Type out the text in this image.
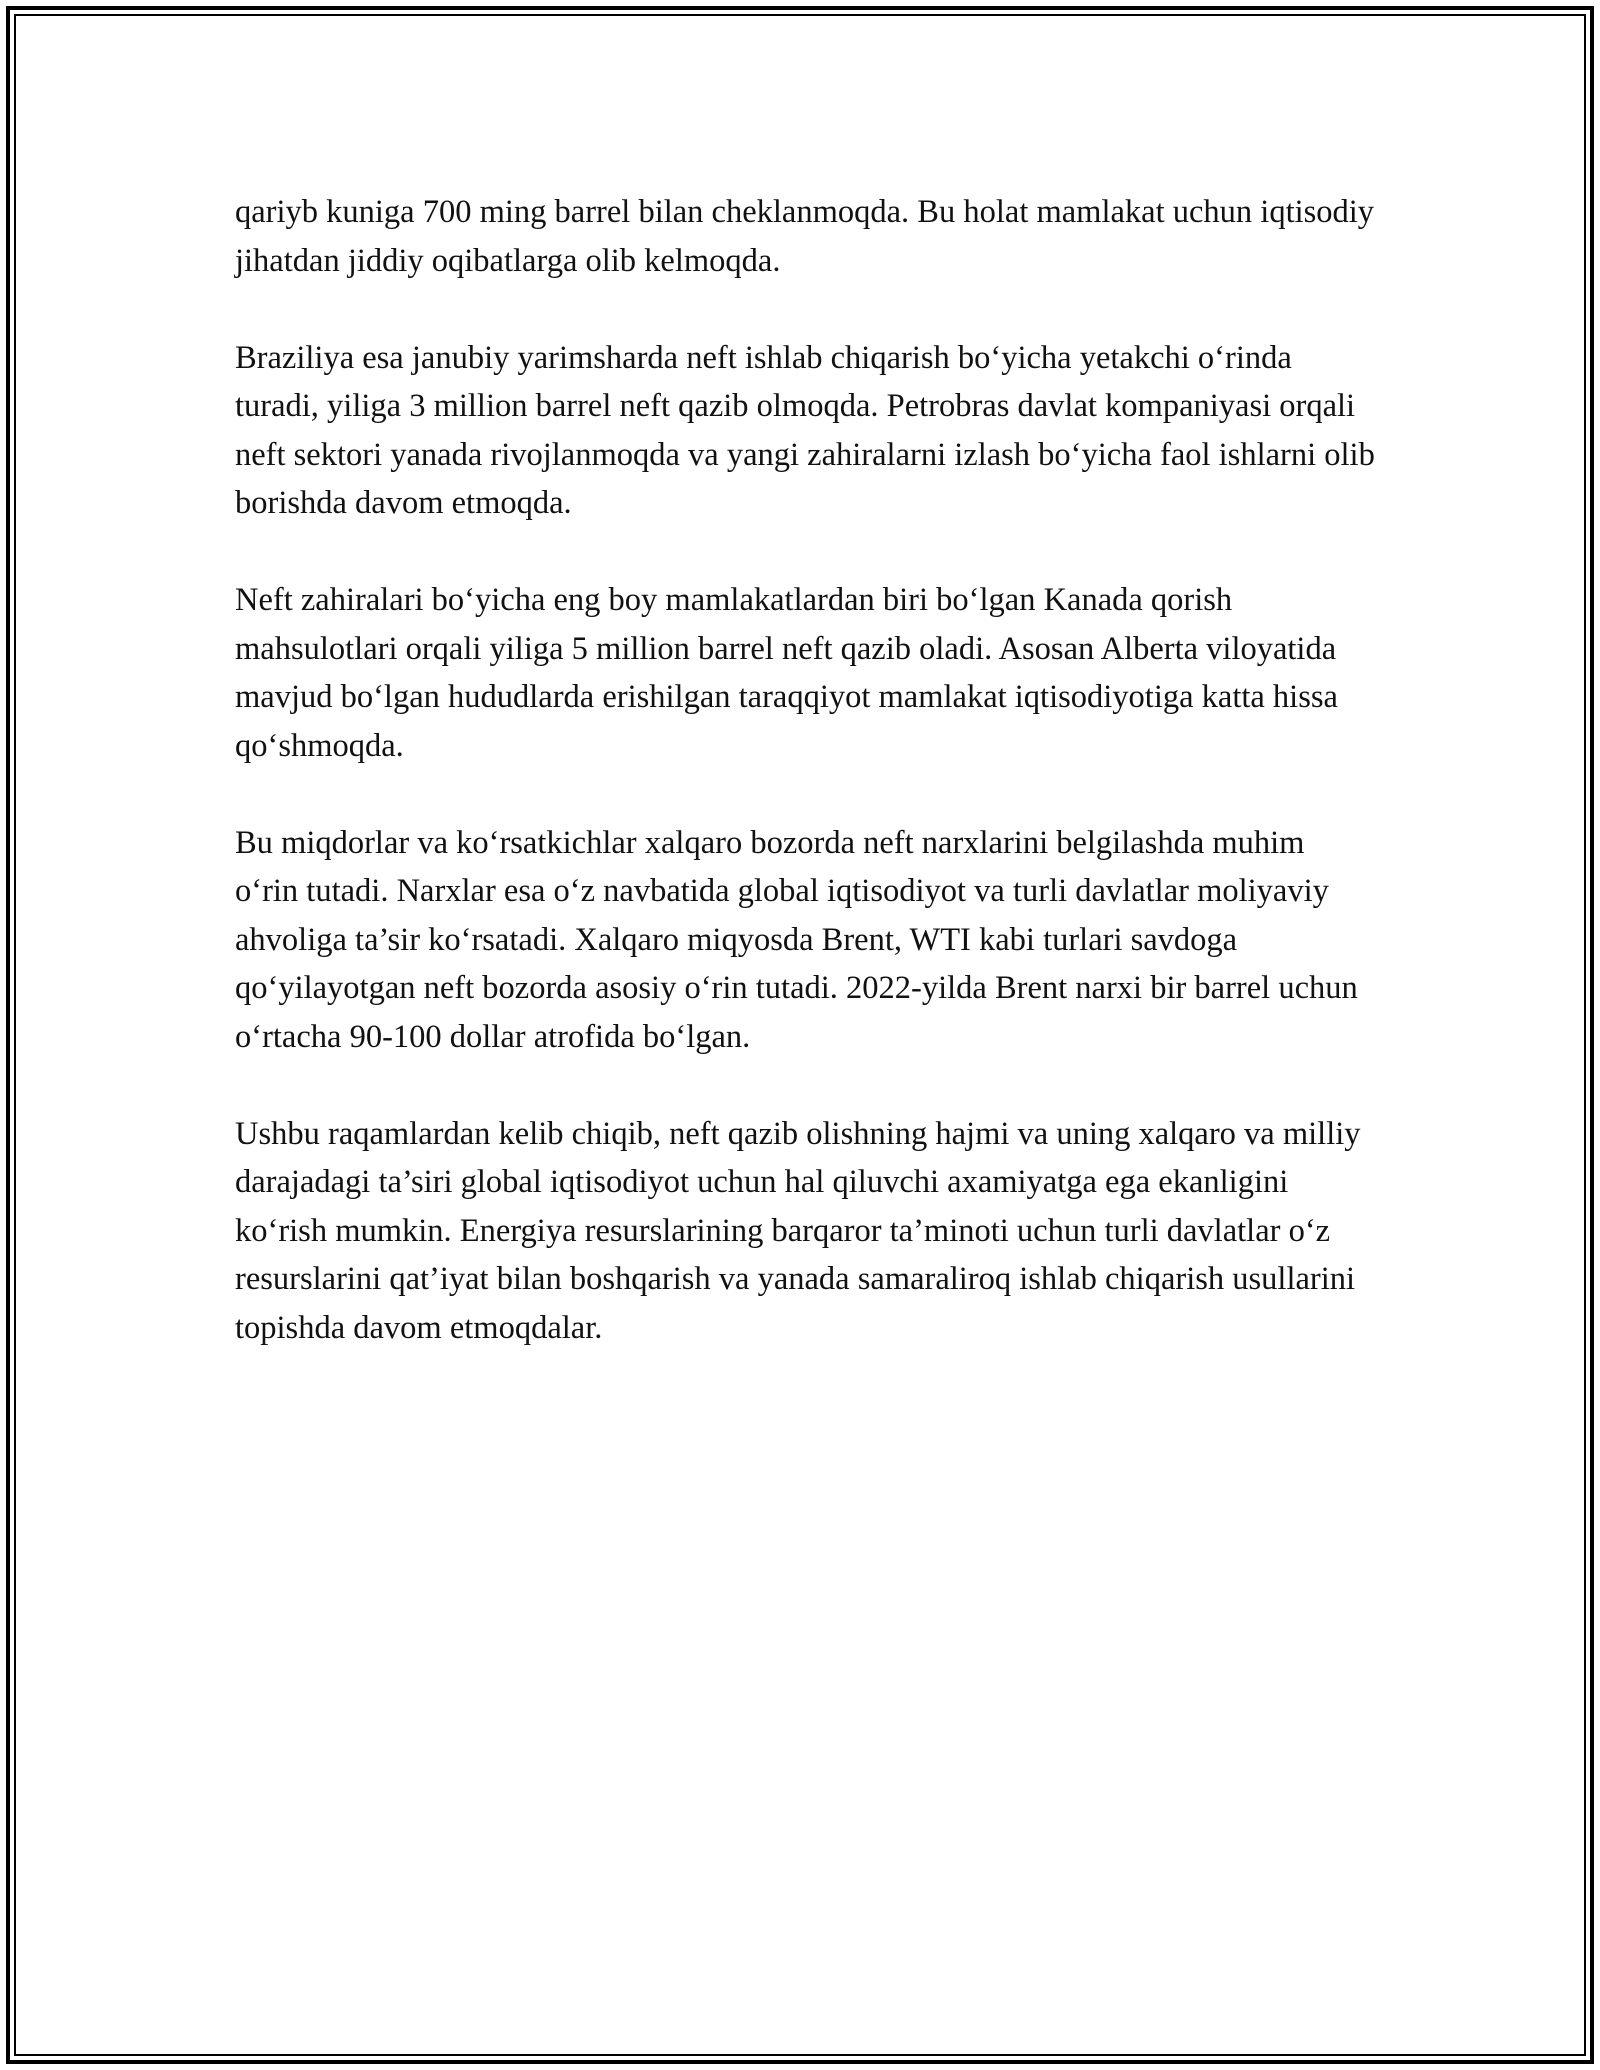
qariyb kuniga 700 ming barrel bilan cheklanmoqda. Bu holat mamlakat uchun iqtisodiy jihatdan jiddiy oqibatlarga olib kelmoqda.

Braziliya esa janubiy yarimsharda neft ishlab chiqarish bo‘yicha yetakchi o‘rinda turadi, yiliga 3 million barrel neft qazib olmoqda. Petrobras davlat kompaniyasi orqali neft sektori yanada rivojlanmoqda va yangi zahiralarni izlash bo‘yicha faol ishlarni olib borishda davom etmoqda.

Neft zahiralari bo‘yicha eng boy mamlakatlardan biri bo‘lgan Kanada qorish mahsulotlari orqali yiliga 5 million barrel neft qazib oladi. Asosan Alberta viloyatida mavjud bo‘lgan hududlarda erishilgan taraqqiyot mamlakat iqtisodiyotiga katta hissa qo‘shmoqda.

Bu miqdorlar va ko‘rsatkichlar xalqaro bozorda neft narxlarini belgilashda muhim o‘rin tutadi. Narxlar esa o‘z navbatida global iqtisodiyot va turli davlatlar moliyaviy ahvoliga ta’sir ko‘rsatadi. Xalqaro miqyosda Brent, WTI kabi turlari savdoga qo‘yilayotgan neft bozorda asosiy o‘rin tutadi. 2022-yilda Brent narxi bir barrel uchun o‘rtacha 90-100 dollar atrofida bo‘lgan.

Ushbu raqamlardan kelib chiqib, neft qazib olishning hajmi va uning xalqaro va milliy darajadagi ta’siri global iqtisodiyot uchun hal qiluvchi axamiyatga ega ekanligini ko‘rish mumkin. Energiya resurslarining barqaror ta’minoti uchun turli davlatlar o‘z resurslarini qat’iyat bilan boshqarish va yanada samaraliroq ishlab chiqarish usullarini topishda davom etmoqdalar.
